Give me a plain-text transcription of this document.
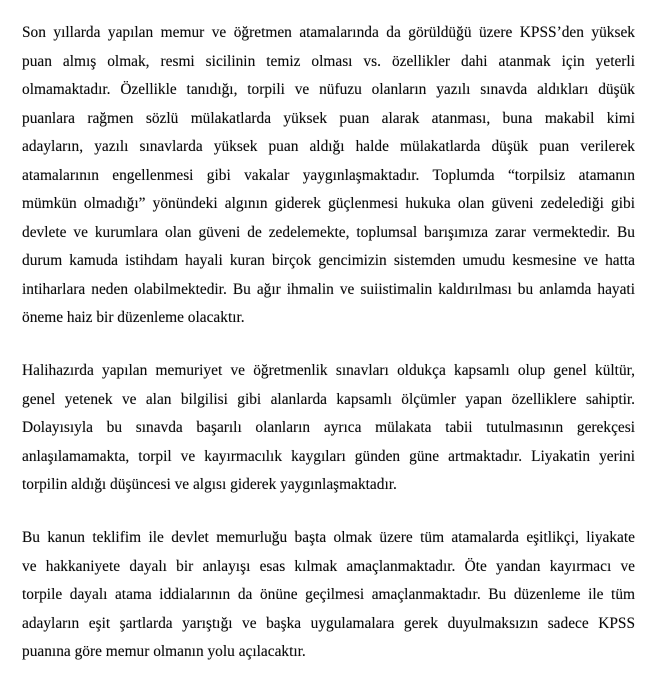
Son yıllarda yapılan memur ve öğretmen atamalarında da görüldüğü üzere KPSS’den yüksek
puan almış olmak, resmi sicilinin temiz olması vs. özellikler dahi atanmak için yeterli
olmamaktadır. Özellikle tanıdığı, torpili ve nüfuzu olanların yazılı sınavda aldıkları düşük
puanlara rağmen sözlü mülakatlarda yüksek puan alarak atanması, buna makabil kimi
adayların, yazılı sınavlarda yüksek puan aldığı halde mülakatlarda düşük puan verilerek
atamalarının engellenmesi gibi vakalar yaygınlaşmaktadır. Toplumda “torpilsiz atamanın
mümkün olmadığı” yönündeki algının giderek güçlenmesi hukuka olan güveni zedelediği gibi
devlete ve kurumlara olan güveni de zedelemekte, toplumsal barışımıza zarar vermektedir. Bu
durum kamuda istihdam hayali kuran birçok gencimizin sistemden umudu kesmesine ve hatta
intiharlara neden olabilmektedir. Bu ağır ihmalin ve suiistimalin kaldırılması bu anlamda hayati
öneme haiz bir düzenleme olacaktır.
Halihazırda yapılan memuriyet ve öğretmenlik sınavları oldukça kapsamlı olup genel kültür,
genel yetenek ve alan bilgilisi gibi alanlarda kapsamlı ölçümler yapan özelliklere sahiptir.
Dolayısıyla bu sınavda başarılı olanların ayrıca mülakata tabii tutulmasının gerekçesi
anlaşılamamakta, torpil ve kayırmacılık kaygıları günden güne artmaktadır. Liyakatin yerini
torpilin aldığı düşüncesi ve algısı giderek yaygınlaşmaktadır.
Bu kanun teklifim ile devlet memurluğu başta olmak üzere tüm atamalarda eşitlikçi, liyakate
ve hakkaniyete dayalı bir anlayışı esas kılmak amaçlanmaktadır. Öte yandan kayırmacı ve
torpile dayalı atama iddialarının da önüne geçilmesi amaçlanmaktadır. Bu düzenleme ile tüm
adayların eşit şartlarda yarıştığı ve başka uygulamalara gerek duyulmaksızın sadece KPSS
puanına göre memur olmanın yolu açılacaktır.
